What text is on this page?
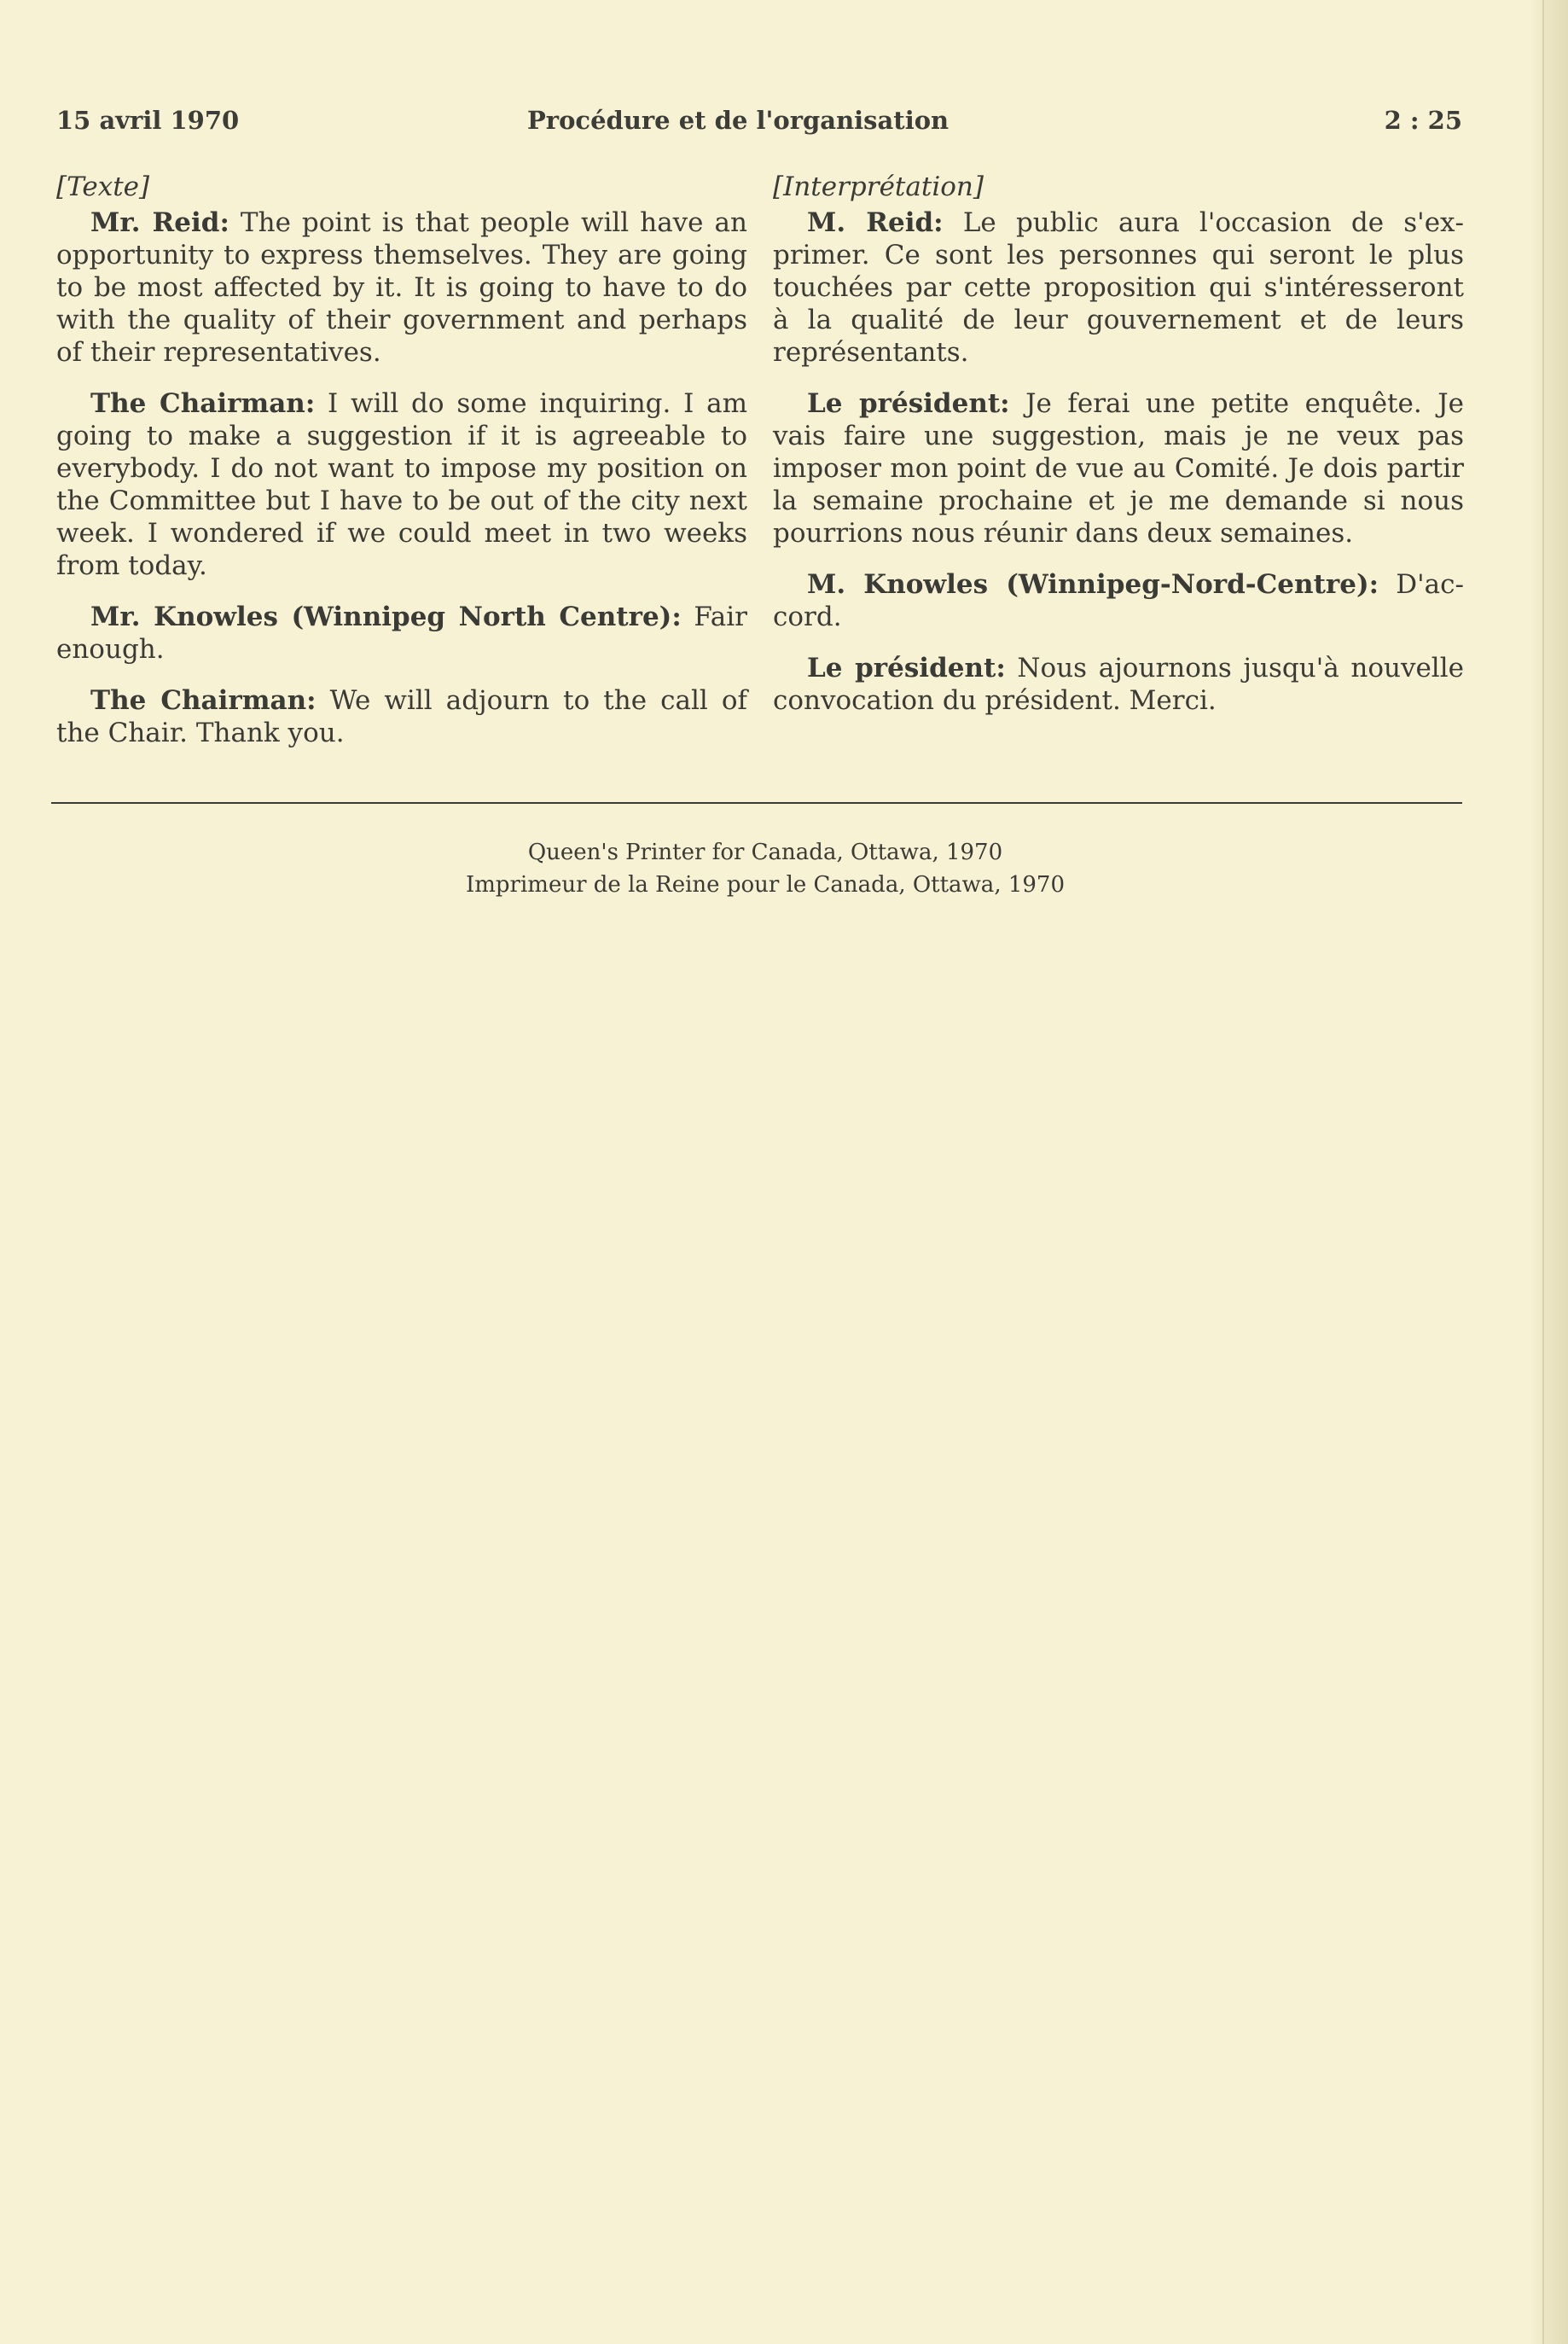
15 avril 1970	Procédure et de l'organisation	2 : 25
[Texte]

Mr. Reid: The point is that people will have an opportunity to express themselves. They are going to be most affected by it. It is going to have to do with the quality of their government and perhaps of their representatives.

The Chairman: I will do some inquiring. I am going to make a suggestion if it is agreeable to everybody. I do not want to impose my position on the Committee but I have to be out of the city next week. I wondered if we could meet in two weeks from today.

Mr. Knowles (Winnipeg North Centre): Fair enough.

The Chairman: We will adjourn to the call of the Chair. Thank you.

[Interprétation]

M. Reid: Le public aura l'occasion de s'exprimer. Ce sont les personnes qui seront le plus touchées par cette proposition qui s'intéresseront à la qualité de leur gouvernement et de leurs représentants.

Le président: Je ferai une petite enquête. Je vais faire une suggestion, mais je ne veux pas imposer mon point de vue au Comité. Je dois partir la semaine prochaine et je me demande si nous pourrions nous réunir dans deux semaines.

M. Knowles (Winnipeg-Nord-Centre): D'accord.

Le président: Nous ajournons jusqu'à nouvelle convocation du président. Merci.

Queen's Printer for Canada, Ottawa, 1970
Imprimeur de la Reine pour le Canada, Ottawa, 1970
